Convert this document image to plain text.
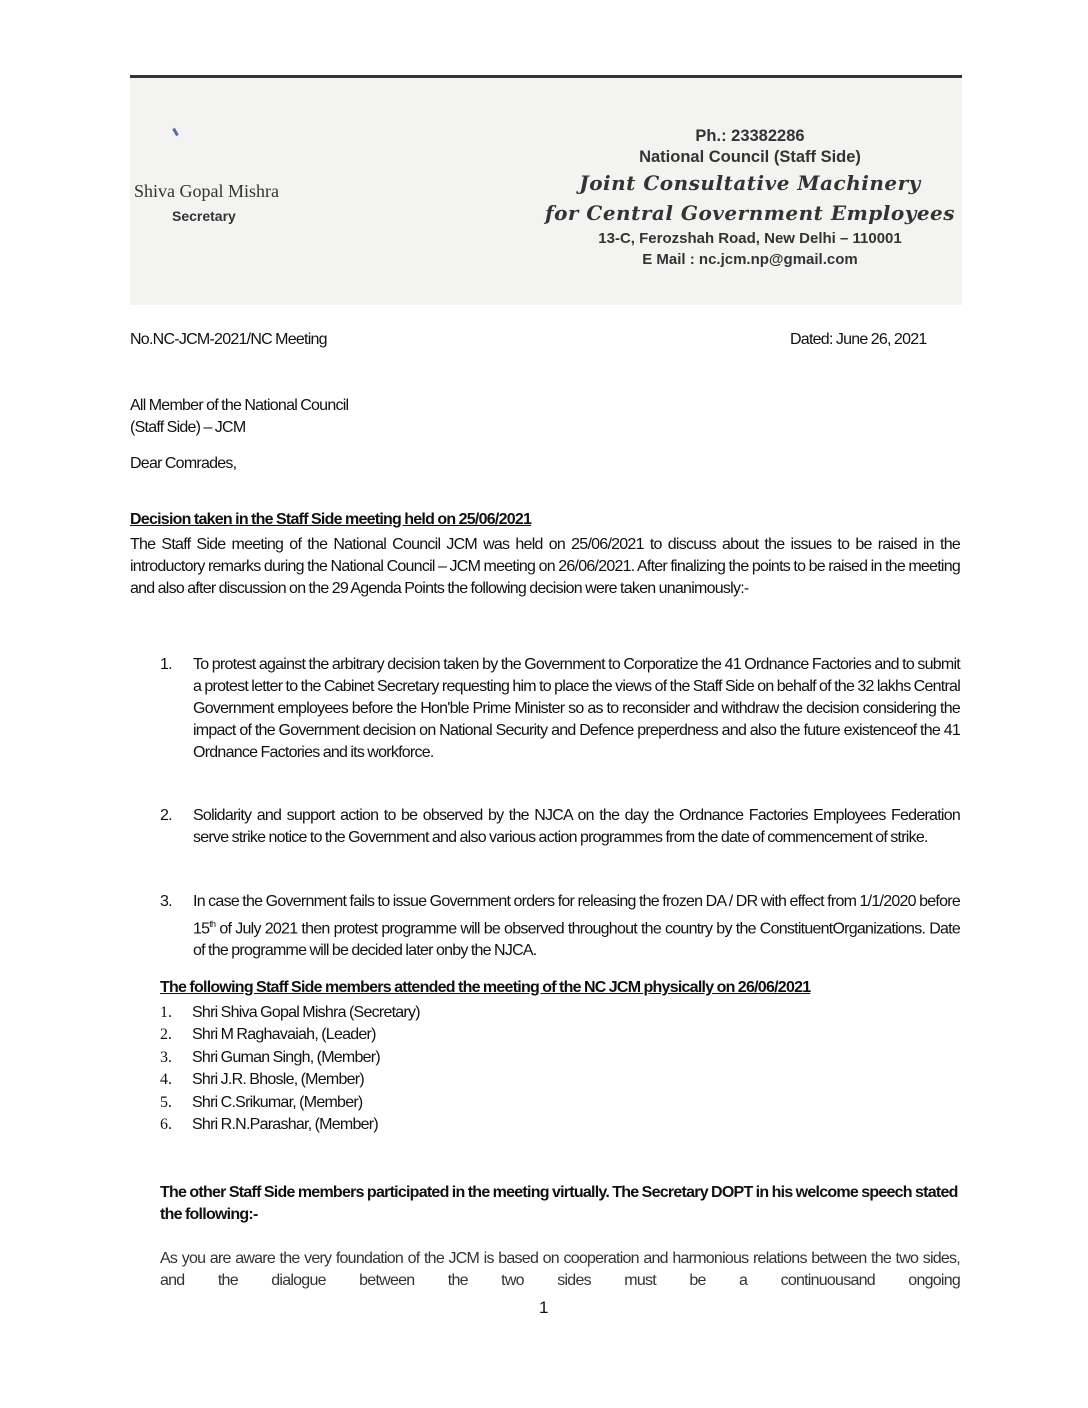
Shiva Gopal Mishra
Secretary
Ph.: 23382286
National Council (Staff Side)
Joint Consultative Machinery
for Central Government Employees
13-C, Ferozshah Road, New Delhi – 110001
E Mail : nc.jcm.np@gmail.com
No.NC-JCM-2021/NC Meeting	Dated: June 26, 2021
All Member of the National Council
(Staff Side) – JCM
Dear Comrades,
Decision taken in the Staff Side meeting held on 25/06/2021
The Staff Side meeting of the National Council JCM was held on 25/06/2021 to discuss about the issues to be raised in the introductory remarks during the National Council – JCM meeting on 26/06/2021. After finalizing the points to be raised in the meeting and also after discussion on the 29 Agenda Points the following decision were taken unanimously:-
1. To protest against the arbitrary decision taken by the Government to Corporatize the 41 Ordnance Factories and to submit a protest letter to the Cabinet Secretary requesting him to place the views of the Staff Side on behalf of the 32 lakhs Central Government employees before the Hon'ble Prime Minister so as to reconsider and withdraw the decision considering the impact of the Government decision on National Security and Defence preperdness and also the future existenceof the 41 Ordnance Factories and its workforce.
2. Solidarity and support action to be observed by the NJCA on the day the Ordnance Factories Employees Federation serve strike notice to the Government and also various action programmes from the date of commencement of strike.
3. In case the Government fails to issue Government orders for releasing the frozen DA / DR with effect from 1/1/2020 before 15th of July 2021 then protest programme will be observed throughout the country by the ConstituentOrganizations. Date of the programme will be decided later onby the NJCA.
The following Staff Side members attended the meeting of the NC JCM physically on 26/06/2021
1. Shri Shiva Gopal Mishra (Secretary)
2. Shri M Raghavaiah, (Leader)
3. Shri Guman Singh, (Member)
4. Shri J.R. Bhosle, (Member)
5. Shri C.Srikumar, (Member)
6. Shri R.N.Parashar, (Member)
The other Staff Side members participated in the meeting virtually. The Secretary DOPT in his welcome speech stated the following:-
As you are aware the very foundation of the JCM is based on cooperation and harmonious relations between the two sides, and the dialogue between the two sides must be a continuousand ongoing
1
